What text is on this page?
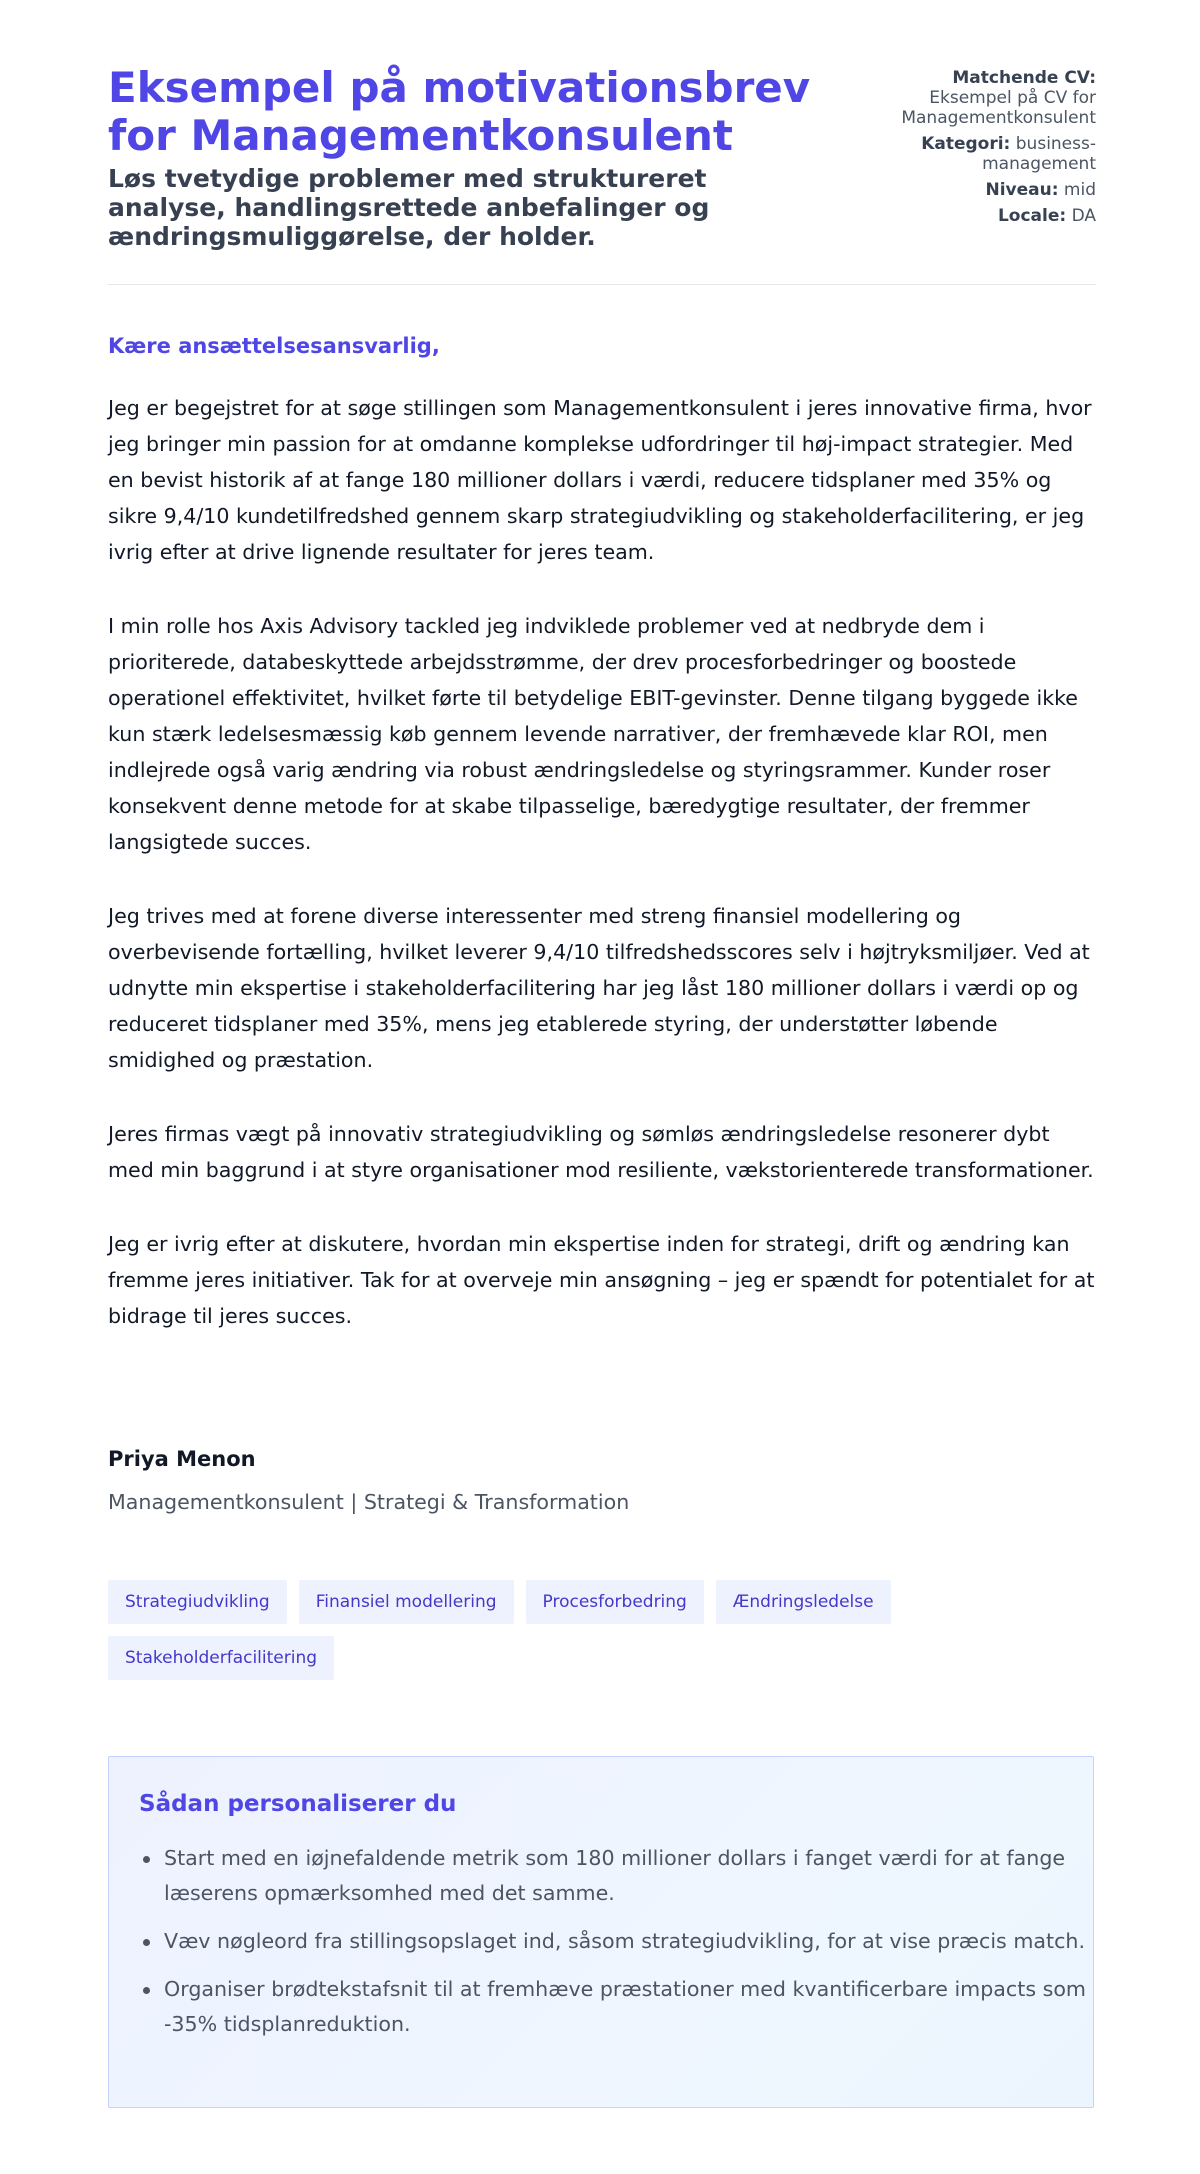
Eksempel på motivationsbrev for Managementkonsulent
Løs tvetydige problemer med struktureret analyse, handlingsrettede anbefalinger og ændringsmuliggørelse, der holder.
Matchende CV:
Eksempel på CV for Managementkonsulent
Kategori: business-management
Niveau: mid
Locale: DA
Kære ansættelsesansvarlig,

Jeg er begejstret for at søge stillingen som Managementkonsulent i jeres innovative firma, hvor jeg bringer min passion for at omdanne komplekse udfordringer til høj-impact strategier. Med en bevist historik af at fange 180 millioner dollars i værdi, reducere tidsplaner med 35% og sikre 9,4/10 kundetilfredshed gennem skarp strategiudvikling og stakeholderfacilitering, er jeg ivrig efter at drive lignende resultater for jeres team.

I min rolle hos Axis Advisory tackled jeg indviklede problemer ved at nedbryde dem i prioriterede, databeskyttede arbejdsstrømme, der drev procesforbedringer og boostede operationel effektivitet, hvilket førte til betydelige EBIT-gevinster. Denne tilgang byggede ikke kun stærk ledelsesmæssig køb gennem levende narrativer, der fremhævede klar ROI, men indlejrede også varig ændring via robust ændringsledelse og styringsrammer. Kunder roser konsekvent denne metode for at skabe tilpasselige, bæredygtige resultater, der fremmer langsigtede succes.

Jeg trives med at forene diverse interessenter med streng finansiel modellering og overbevisende fortælling, hvilket leverer 9,4/10 tilfredshedsscores selv i højtryksmiljøer. Ved at udnytte min ekspertise i stakeholderfacilitering har jeg låst 180 millioner dollars i værdi op og reduceret tidsplaner med 35%, mens jeg etablerede styring, der understøtter løbende smidighed og præstation.

Jeres firmas vægt på innovativ strategiudvikling og sømløs ændringsledelse resonerer dybt med min baggrund i at styre organisationer mod resiliente, vækstorienterede transformationer.

Jeg er ivrig efter at diskutere, hvordan min ekspertise inden for strategi, drift og ændring kan fremme jeres initiativer. Tak for at overveje min ansøgning – jeg er spændt for potentialet for at bidrage til jeres succes.

Priya Menon
Managementkonsulent | Strategi & Transformation
Strategiudvikling	Finansiel modellering	Procesforbedring	Ændringsledelse
Stakeholderfacilitering
Sådan personaliserer du
Start med en iøjnefaldende metrik som 180 millioner dollars i fanget værdi for at fange læserens opmærksomhed med det samme.
Væv nøgleord fra stillingsopslaget ind, såsom strategiudvikling, for at vise præcis match.
Organiser brødtekstafsnit til at fremhæve præstationer med kvantificerbare impacts som -35% tidsplanreduktion.
